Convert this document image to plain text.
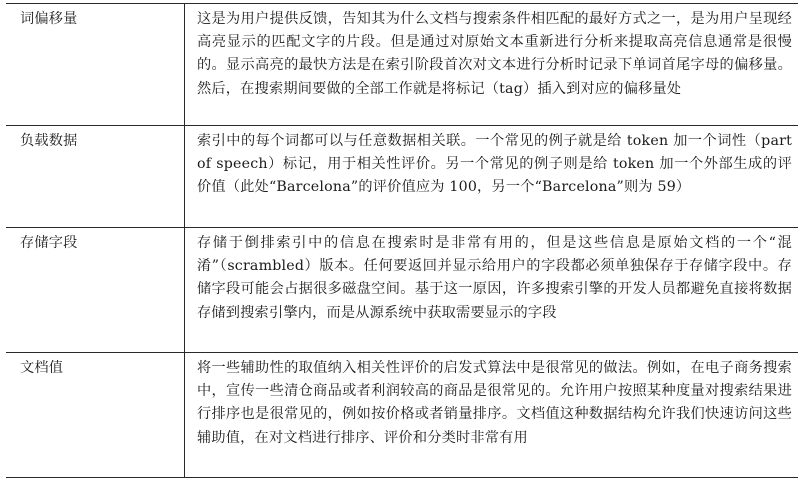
词偏移量	这是为用户提供反馈，告知其为什么文档与搜索条件相匹配的最好方式之一，是为用户呈现经高亮显示的匹配文字的片段。但是通过对原始文本重新进行分析来提取高亮信息通常是很慢的。显示高亮的最快方法是在索引阶段首次对文本进行分析时记录下单词首尾字母的偏移量。然后，在搜索期间要做的全部工作就是将标记（tag）插入到对应的偏移量处
负载数据	索引中的每个词都可以与任意数据相关联。一个常见的例子就是给 token 加一个词性（part of speech）标记，用于相关性评价。另一个常见的例子则是给 token 加一个外部生成的评价值（此处“Barcelona”的评价值应为 100，另一个“Barcelona”则为 59）
存储字段	存储于倒排索引中的信息在搜索时是非常有用的，但是这些信息是原始文档的一个“混淆”（scrambled）版本。任何要返回并显示给用户的字段都必须单独保存于存储字段中。存储字段可能会占据很多磁盘空间。基于这一原因，许多搜索引擎的开发人员都避免直接将数据存储到搜索引擎内，而是从源系统中获取需要显示的字段
文档值	将一些辅助性的取值纳入相关性评价的启发式算法中是很常见的做法。例如，在电子商务搜索中，宣传一些清仓商品或者利润较高的商品是很常见的。允许用户按照某种度量对搜索结果进行排序也是很常见的，例如按价格或者销量排序。文档值这种数据结构允许我们快速访问这些辅助值，在对文档进行排序、评价和分类时非常有用
